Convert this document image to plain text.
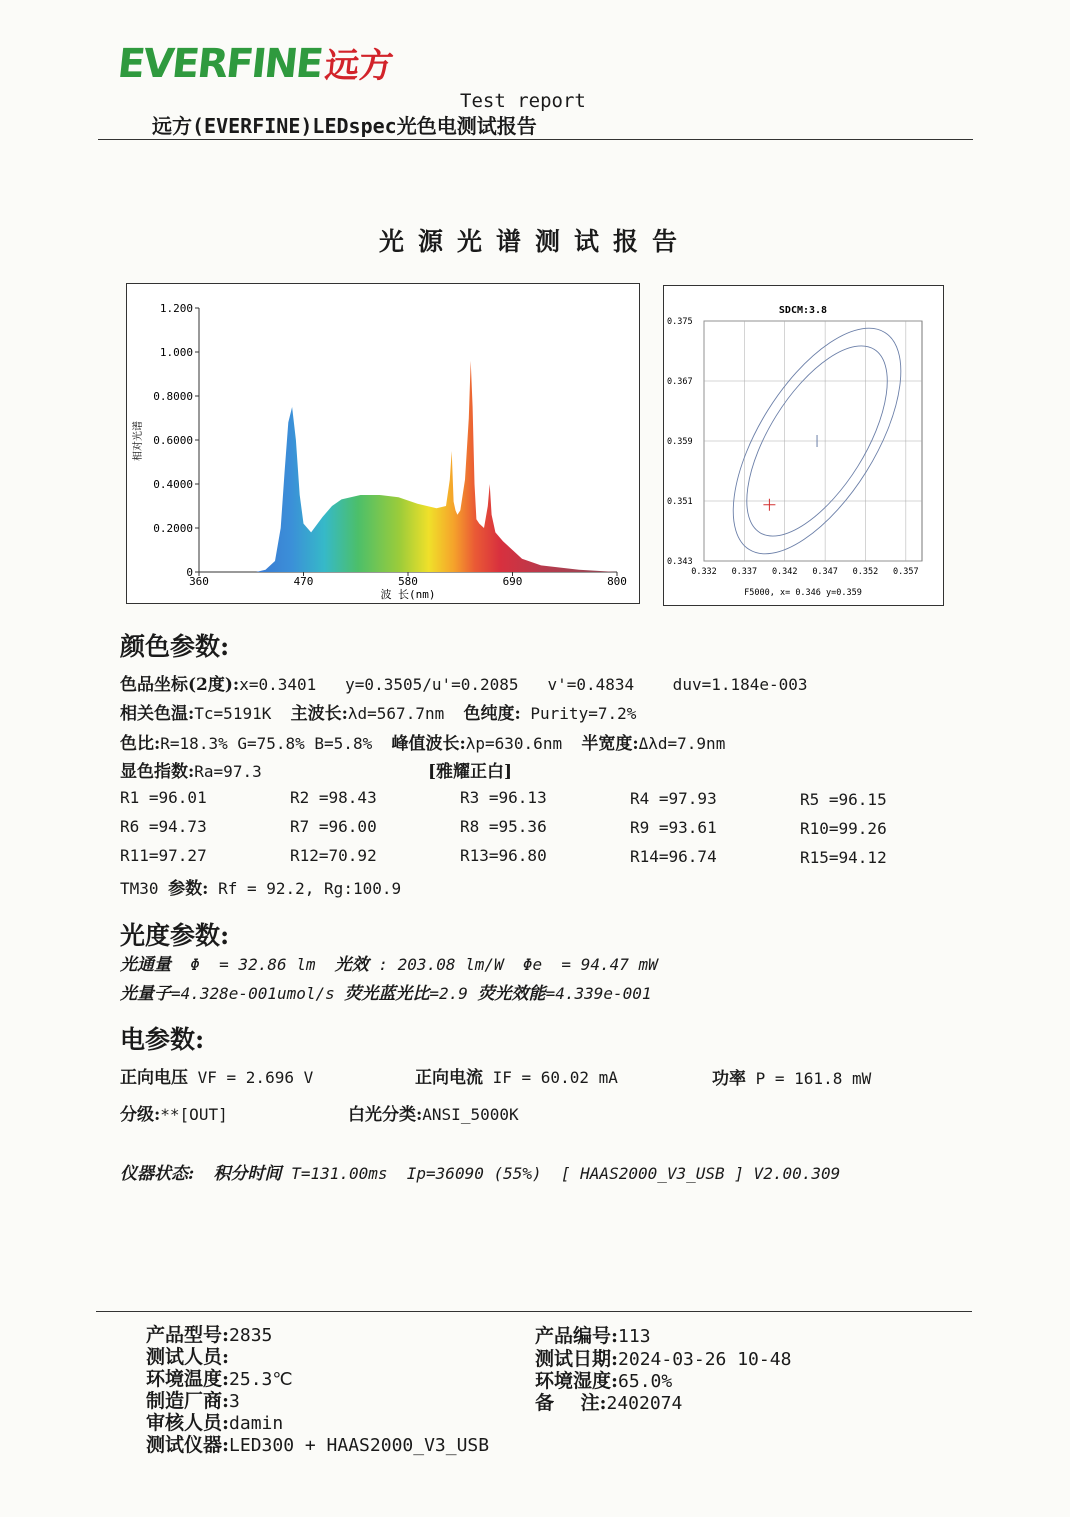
EVERFINE远方
Test report
远方(EVERFINE)LEDspec光色电测试报告
光源光谱测试报告
1.200
1.000
0.8000
0.6000
0.4000
0.2000
0
360	470	580	690	800
相对光谱
波 长(nm)
SDCM:3.8
0.332 0.337 0.342 0.347 0.352 0.357
0.375
0.367
0.359
0.351
0.343
F5000, x= 0.346 y=0.359
颜色参数:
色品坐标(2度):x=0.3401   y=0.3505/u'=0.2085   v'=0.4834    duv=1.184e-003
相关色温:Tc=5191K  主波长:λd=567.7nm  色纯度: Purity=7.2%
色比:R=18.3% G=75.8% B=5.8%  峰值波长:λp=630.6nm  半宽度:Δλd=7.9nm
显色指数:Ra=97.3	[雅耀正白]
R1 =96.01	R2 =98.43	R3 =96.13	R4 =97.93	R5 =96.15
R6 =94.73	R7 =96.00	R8 =95.36	R9 =93.61	R10=99.26
R11=97.27	R12=70.92	R13=96.80	R14=96.74	R15=94.12
TM30 参数: Rf = 92.2, Rg:100.9
光度参数:
光通量  Φ  = 32.86 lm  光效 : 203.08 lm/W  Φe  = 94.47 mW
光量子=4.328e-001umol/s 荧光蓝光比=2.9 荧光效能=4.339e-001
电参数:
正向电压 VF = 2.696 V	正向电流 IF = 60.02 mA	功率 P = 161.8 mW
分级:**[OUT]	白光分类:ANSI_5000K
仪器状态: 积分时间 T=131.00ms  Ip=36090 (55%)  [ HAAS2000_V3_USB ] V2.00.309
产品型号:2835
测试人员:
环境温度:25.3℃
制造厂商:3
审核人员:damin
测试仪器:LED300 + HAAS2000_V3_USB
产品编号:113
测试日期:2024-03-26 10-48
环境湿度:65.0%
备    注:2402074
